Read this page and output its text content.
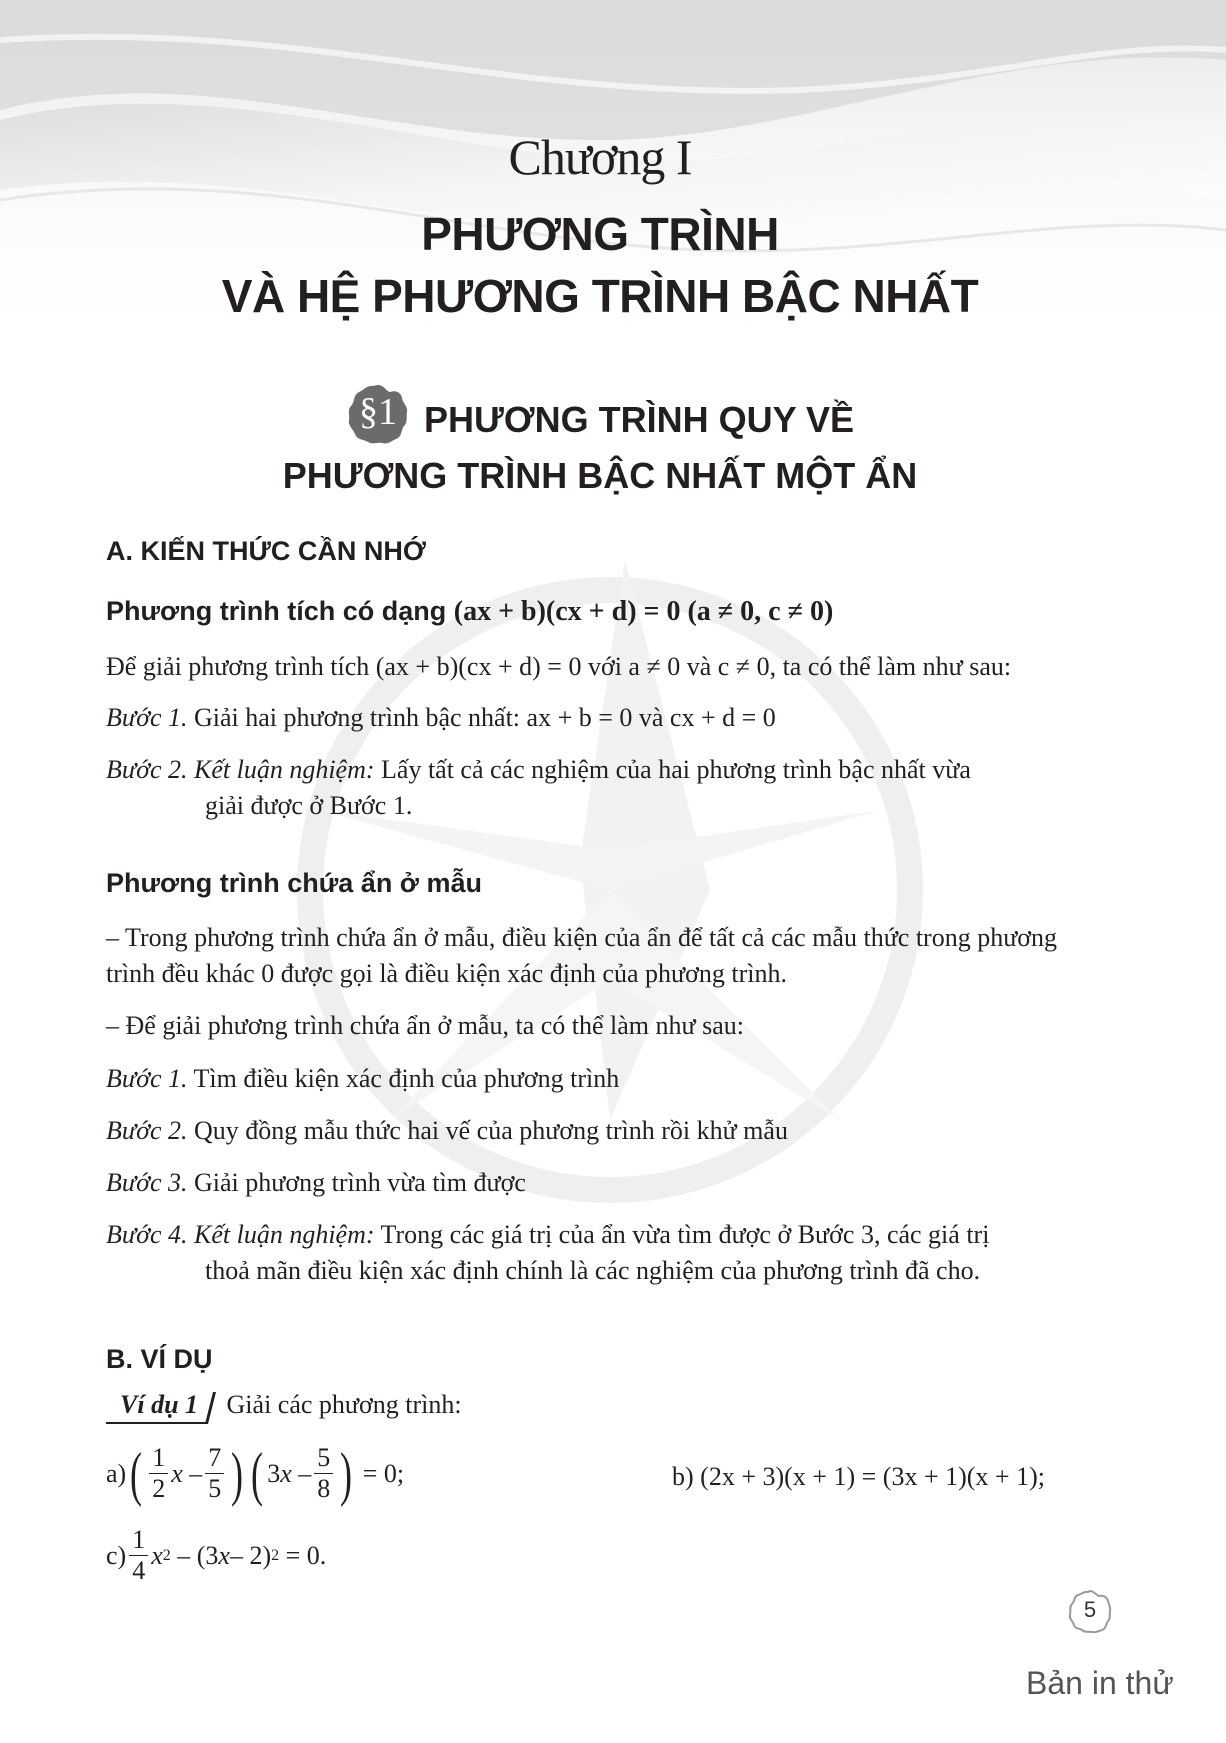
Chương I
PHƯƠNG TRÌNH
VÀ HỆ PHƯƠNG TRÌNH BẬC NHẤT
§1 PHƯƠNG TRÌNH QUY VỀ
PHƯƠNG TRÌNH BẬC NHẤT MỘT ẨN
A. KIẾN THỨC CẦN NHỚ
Phương trình tích có dạng (ax + b)(cx + d) = 0 (a ≠ 0, c ≠ 0)
Để giải phương trình tích (ax + b)(cx + d) = 0 với a ≠ 0 và c ≠ 0, ta có thể làm như sau:
Bước 1. Giải hai phương trình bậc nhất: ax + b = 0 và cx + d = 0
Bước 2. Kết luận nghiệm: Lấy tất cả các nghiệm của hai phương trình bậc nhất vừa
giải được ở Bước 1.
Phương trình chứa ẩn ở mẫu
– Trong phương trình chứa ẩn ở mẫu, điều kiện của ẩn để tất cả các mẫu thức trong phương trình đều khác 0 được gọi là điều kiện xác định của phương trình.
– Để giải phương trình chứa ẩn ở mẫu, ta có thể làm như sau:
Bước 1. Tìm điều kiện xác định của phương trình
Bước 2. Quy đồng mẫu thức hai vế của phương trình rồi khử mẫu
Bước 3. Giải phương trình vừa tìm được
Bước 4. Kết luận nghiệm: Trong các giá trị của ẩn vừa tìm được ở Bước 3, các giá trị
thoả mãn điều kiện xác định chính là các nghiệm của phương trình đã cho.
B. VÍ DỤ
Ví dụ 1 Giải các phương trình:
a) ( $\frac{1}{2}$ x – $\frac{7}{5}$ ) ( 3 x – $\frac{5}{8}$ ) = 0;	b) (2x + 3)(x + 1) = (3x + 1)(x + 1);
$c) \frac{1}{4}$ x 2 – (3 x – 2) 2 = 0.
5
Bản in thử
